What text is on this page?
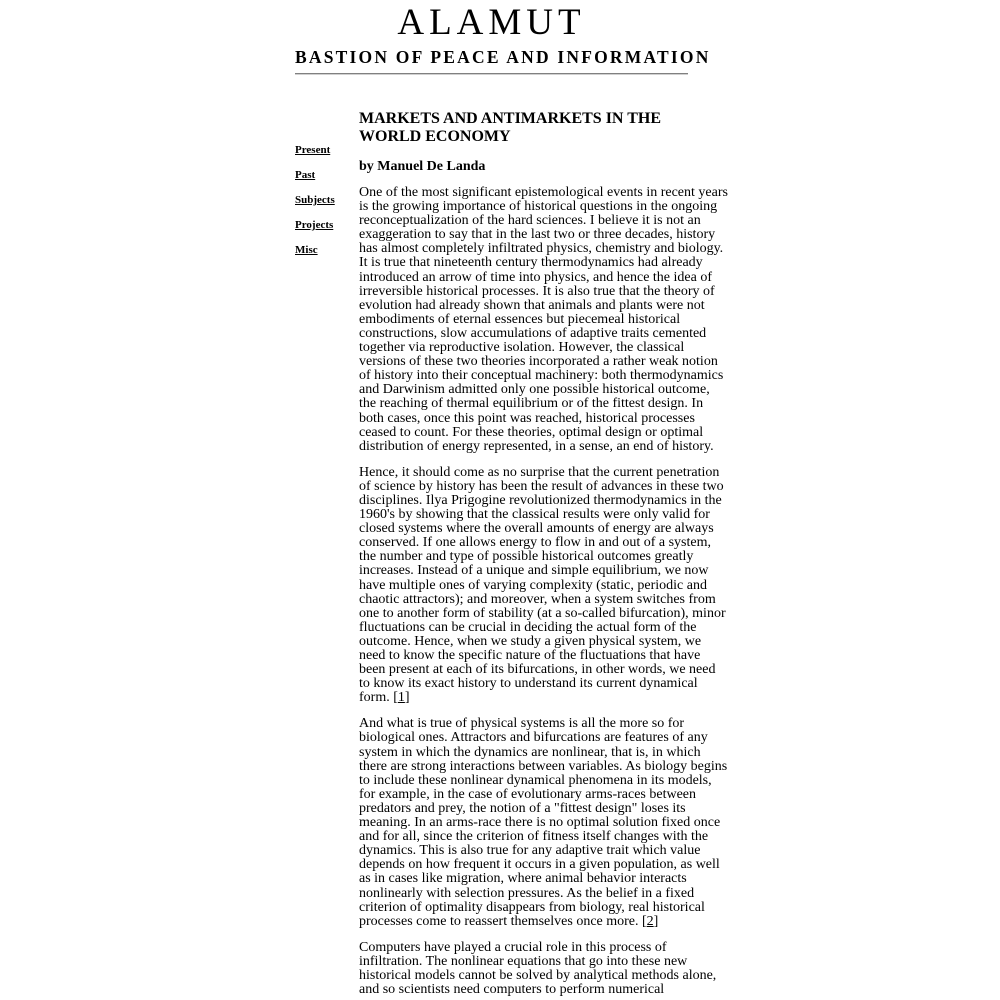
ALAMUT
BASTION OF PEACE AND INFORMATION
Present
Past
Subjects
Projects
Misc
MARKETS AND ANTIMARKETS IN THE
WORLD ECONOMY

by Manuel De Landa

One of the most significant epistemological events in recent years
is the growing importance of historical questions in the ongoing
reconceptualization of the hard sciences. I believe it is not an
exaggeration to say that in the last two or three decades, history
has almost completely infiltrated physics, chemistry and biology.
It is true that nineteenth century thermodynamics had already
introduced an arrow of time into physics, and hence the idea of
irreversible historical processes. It is also true that the theory of
evolution had already shown that animals and plants were not
embodiments of eternal essences but piecemeal historical
constructions, slow accumulations of adaptive traits cemented
together via reproductive isolation. However, the classical
versions of these two theories incorporated a rather weak notion
of history into their conceptual machinery: both thermodynamics
and Darwinism admitted only one possible historical outcome,
the reaching of thermal equilibrium or of the fittest design. In
both cases, once this point was reached, historical processes
ceased to count. For these theories, optimal design or optimal
distribution of energy represented, in a sense, an end of history.

Hence, it should come as no surprise that the current penetration
of science by history has been the result of advances in these two
disciplines. Ilya Prigogine revolutionized thermodynamics in the
1960's by showing that the classical results were only valid for
closed systems where the overall amounts of energy are always
conserved. If one allows energy to flow in and out of a system,
the number and type of possible historical outcomes greatly
increases. Instead of a unique and simple equilibrium, we now
have multiple ones of varying complexity (static, periodic and
chaotic attractors); and moreover, when a system switches from
one to another form of stability (at a so-called bifurcation), minor
fluctuations can be crucial in deciding the actual form of the
outcome. Hence, when we study a given physical system, we
need to know the specific nature of the fluctuations that have
been present at each of its bifurcations, in other words, we need
to know its exact history to understand its current dynamical
form. [1]

And what is true of physical systems is all the more so for
biological ones. Attractors and bifurcations are features of any
system in which the dynamics are nonlinear, that is, in which
there are strong interactions between variables. As biology begins
to include these nonlinear dynamical phenomena in its models,
for example, in the case of evolutionary arms-races between
predators and prey, the notion of a "fittest design" loses its
meaning. In an arms-race there is no optimal solution fixed once
and for all, since the criterion of fitness itself changes with the
dynamics. This is also true for any adaptive trait which value
depends on how frequent it occurs in a given population, as well
as in cases like migration, where animal behavior interacts
nonlinearly with selection pressures. As the belief in a fixed
criterion of optimality disappears from biology, real historical
processes come to reassert themselves once more. [2]

Computers have played a crucial role in this process of
infiltration. The nonlinear equations that go into these new
historical models cannot be solved by analytical methods alone,
and so scientists need computers to perform numerical
